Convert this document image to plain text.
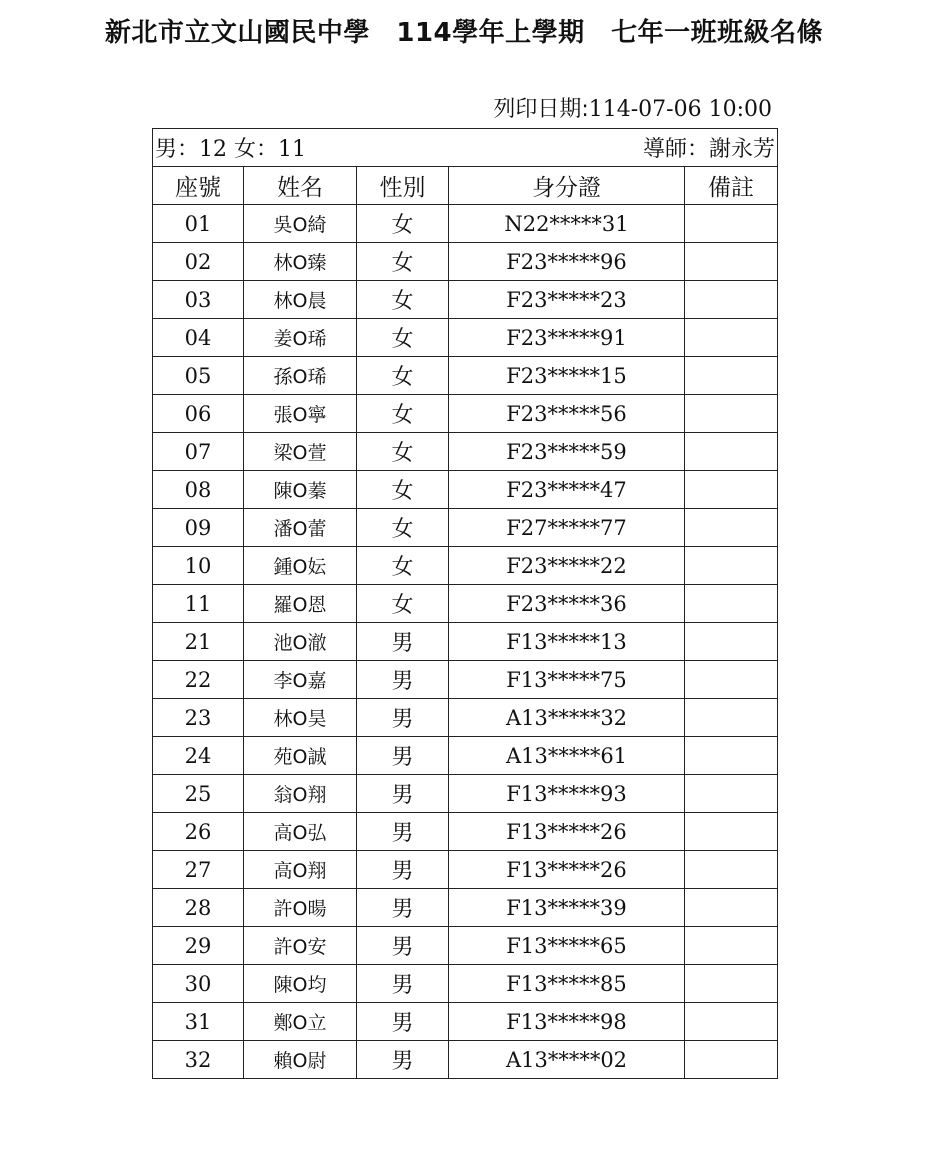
新北市立文山國民中學　114學年上學期　七年一班班級名條
列印日期:114-07-06 10:00
男：12 女：11 導師：謝永芳				

座號	姓名	性別	身分證	備註
01	吳O綺	女	N22*****31	
02	林O臻	女	F23*****96	
03	林O晨	女	F23*****23	
04	姜O琋	女	F23*****91	
05	孫O琋	女	F23*****15	
06	張O寧	女	F23*****56	
07	梁O萱	女	F23*****59	
08	陳O蓁	女	F23*****47	
09	潘O蕾	女	F27*****77	
10	鍾O妘	女	F23*****22	
11	羅O恩	女	F23*****36	
21	池O澈	男	F13*****13	
22	李O嘉	男	F13*****75	
23	林O昊	男	A13*****32	
24	苑O誠	男	A13*****61	
25	翁O翔	男	F13*****93	
26	高O弘	男	F13*****26	
27	高O翔	男	F13*****26	
28	許O暘	男	F13*****39	
29	許O安	男	F13*****65	
30	陳O均	男	F13*****85	
31	鄭O立	男	F13*****98	
32	賴O尉	男	A13*****02	
